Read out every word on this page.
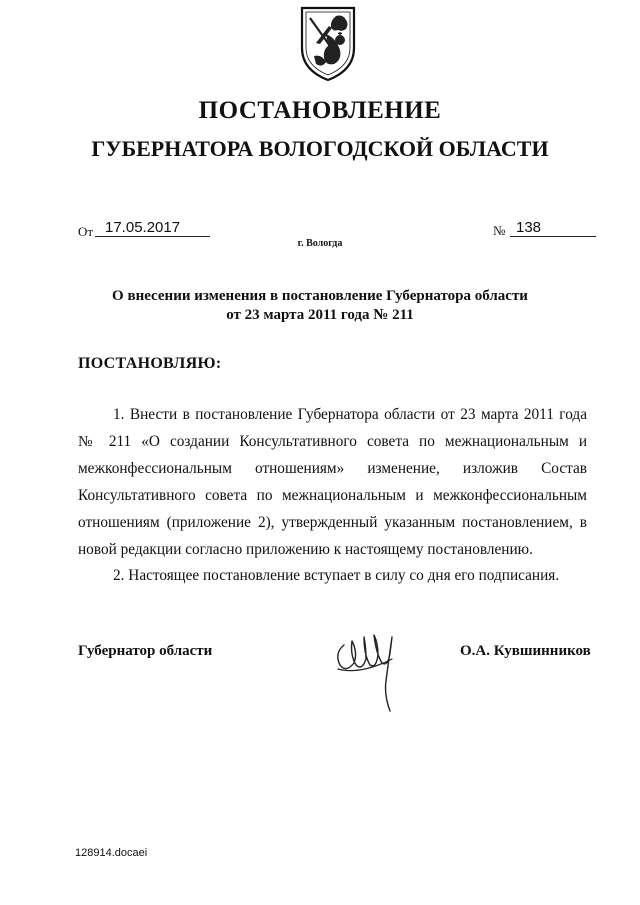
ПОСТАНОВЛЕНИЕ
ГУБЕРНАТОРА ВОЛОГОДСКОЙ ОБЛАСТИ
От 17.05.2017	№ 138
г. Вологда
О внесении изменения в постановление Губернатора области
от 23 марта 2011 года № 211
ПОСТАНОВЛЯЮ:
1. Внести в постановление Губернатора области от 23 марта 2011 года № 211 «О создании Консультативного совета по межнациональным и межконфессиональным отношениям» изменение, изложив Состав Консультативного совета по межнациональным и межконфессиональным отношениям (приложение 2), утвержденный указанным постановлением, в новой редакции согласно приложению к настоящему постановлению.
2. Настоящее постановление вступает в силу со дня его подписания.
Губернатор области	О.А. Кувшинников
128914.docaei
